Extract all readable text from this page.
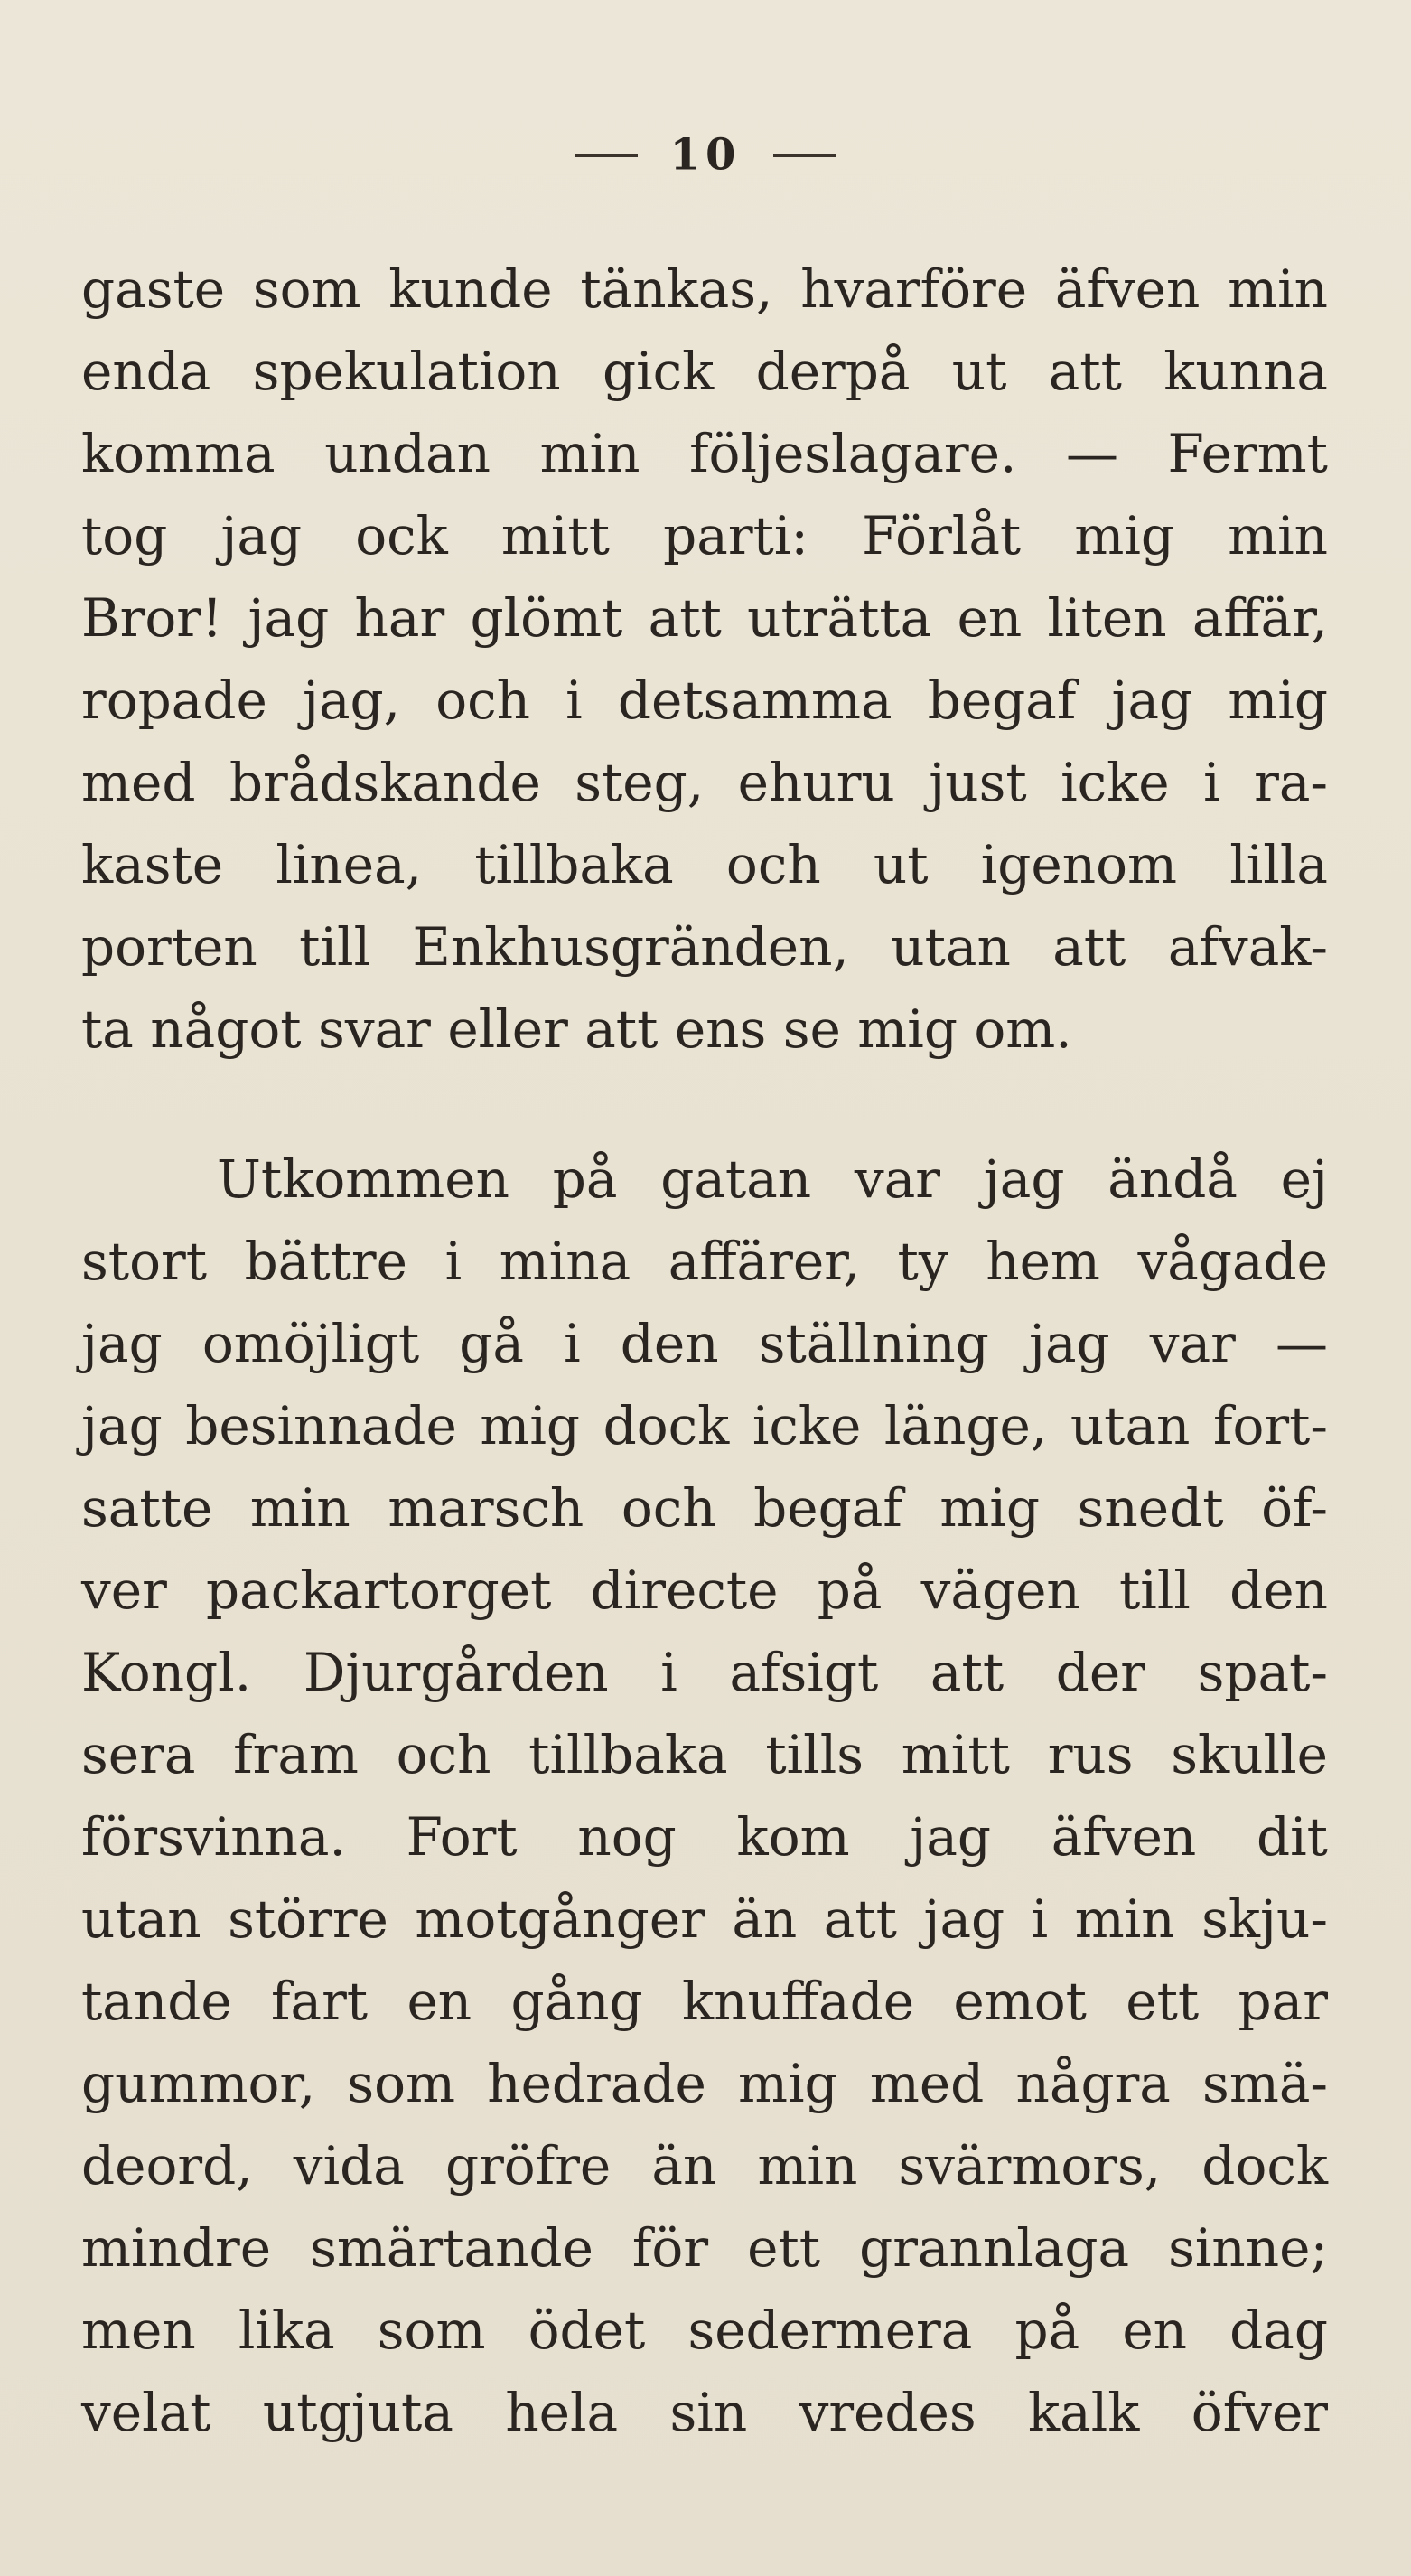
10
gaste som kunde tänkas, hvarföre äfven min
enda spekulation gick derpå ut att kunna
komma undan min följeslagare. — Fermt
tog jag ock mitt parti: Förlåt mig min
Bror! jag har glömt att uträtta en liten affär,
ropade jag, och i detsamma begaf jag mig
med brådskande steg, ehuru just icke i ra-
kaste linea, tillbaka och ut igenom lilla
porten till Enkhusgränden, utan att afvak-
ta något svar eller att ens se mig om.
Utkommen på gatan var jag ändå ej
stort bättre i mina affärer, ty hem vågade
jag omöjligt gå i den ställning jag var —
jag besinnade mig dock icke länge, utan fort-
satte min marsch och begaf mig snedt öf-
ver packartorget directe på vägen till den
Kongl. Djurgården i afsigt att der spat-
sera fram och tillbaka tills mitt rus skulle
försvinna. Fort nog kom jag äfven dit
utan större motgånger än att jag i min skju-
tande fart en gång knuffade emot ett par
gummor, som hedrade mig med några smä-
deord, vida gröfre än min svärmors, dock
mindre smärtande för ett grannlaga sinne;
men lika som ödet sedermera på en dag
velat utgjuta hela sin vredes kalk öfver
